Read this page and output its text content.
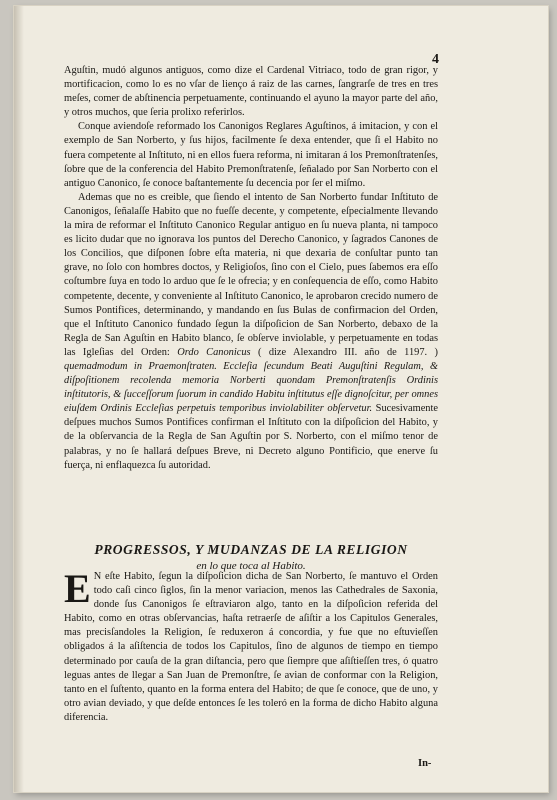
4

Aguſtin, mudó algunos antiguos, como dize el Cardenal Vitriaco, todo de gran rigor, y mortificacion, como lo es no vſar de lienço á raiz de las carnes, ſangrarſe de tres en tres meſes, comer de abſtinencia perpetuamente, continuando el ayuno la mayor parte del año, y otros muchos, que ſeria prolixo referirlos.

Conque aviendoſe reformado los Canonigos Reglares Aguſtinos, á imitacion, y con el exemplo de San Norberto, y ſus hijos, facilmente ſe dexa entender, que ſi el Habito no fuera competente al Inſtituto, ni en ellos fuera reforma, ni imitaran á los Premonſtratenſes, ſobre que de la conferencia del Habito Premonſtratenſe, ſeñalado por San Norberto con el antiguo Canonico, ſe conoce baſtantemente ſu decencia por ſer el miſmo.

Ademas que no es creible, que ſiendo el intento de San Norberto fundar Inſtituto de Canonigos, ſeñalaſſe Habito que no fueſſe decente, y competente, eſpecialmente llevando la mira de reformar el Inſtituto Canonico Regular antiguo en ſu nueva planta, ni tampoco es licito dudar que no ignorava los puntos del Derecho Canonico, y ſagrados Canones de los Concilios, que diſponen ſobre eſta materia, ni que dexaria de conſultar punto tan grave, no ſolo con hombres doctos, y Religioſos, ſino con el Cielo, pues ſabemos era eſſo coſtumbre ſuya en todo lo arduo que ſe le ofrecia; y en conſequencia de eſſo, como Habito competente, decente, y conveniente al Inſtituto Canonico, le aprobaron crecido numero de Sumos Pontifices, determinando, y mandando en ſus Bulas de confirmacion del Orden, que el Inſtituto Canonico fundado ſegun la diſpoſicion de San Norberto, debaxo de la Regla de San Aguſtin en Habito blanco, ſe obſerve inviolable, y perpetuamente en todas las Igleſias del Orden: Ordo Canonicus ( dize Alexandro III. año de 1197. ) quemadmodum in Praemonſtraten. Eccleſia ſecundum Beati Auguſtini Regulam, & diſpoſitionem recolenda memoria Norberti quondam Premonſtratenſis Ordinis inſtitutoris, & ſucceſſorum ſuorum in candido Habitu inſtitutus eſſe dignoſcitur, per omnes eiuſdem Ordinis Eccleſias perpetuis temporibus inviolabiliter obſervetur. Sucesivamente deſpues muchos Sumos Pontifices confirman el Inſtituto con la diſpoſicion del Habito, y de la obſervancia de la Regla de San Aguſtin por S. Norberto, con el miſmo tenor de palabras, y no ſe hallará deſpues Breve, ni Decreto alguno Pontificio, que enerve ſu fuerça, ni enflaquezca ſu autoridad.

PROGRESSOS, Y MUDANZAS DE LA RELIGION
en lo que toca al Habito.

E N eſte Habito, ſegun la diſpoſicion dicha de San Norberto, ſe mantuvo el Orden todo caſi cinco ſiglos, ſin la menor variacion, menos las Cathedrales de Saxonia, donde ſus Canonigos ſe eſtraviaron algo, tanto en la diſpoſicion referida del Habito, como en otras obſervancias, haſta retraerſe de aſiſtir a los Capitulos Generales, mas precisſandoles la Religion, ſe reduxeron á concordia, y fue que no eſtuvieſſen obligados á la aſiſtencia de todos los Capitulos, ſino de algunos de tiempo en tiempo determinado por cauſa de la gran diſtancia, pero que ſiempre que aſiſtieſſen tres, ó quatro leguas antes de llegar a San Juan de Premonſtre, ſe avian de conformar con la Religion, tanto en el ſuſtento, quanto en la forma entera del Habito; de que ſe conoce, que de uno, y otro avian deviado, y que deſde entonces ſe les toleró en la forma de dicho Habito alguna diferencia.

In-
